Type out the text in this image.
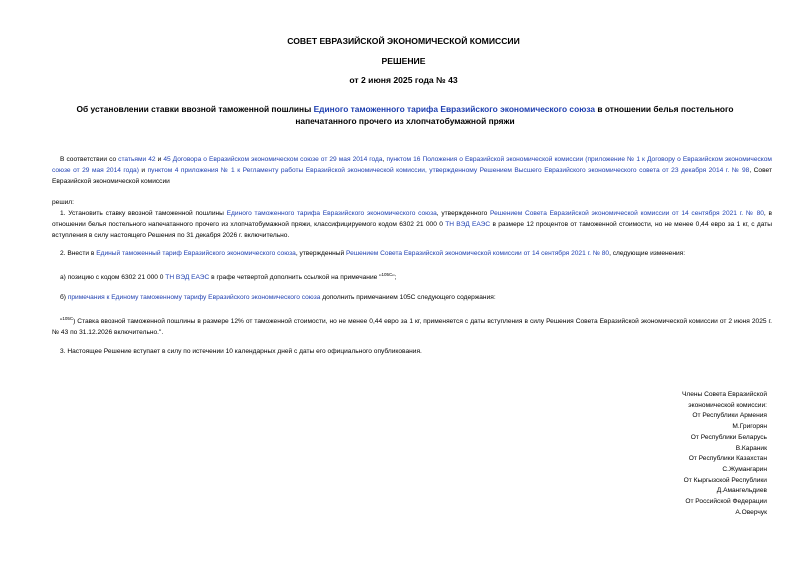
СОВЕТ ЕВРАЗИЙСКОЙ ЭКОНОМИЧЕСКОЙ КОМИССИИ
РЕШЕНИЕ
от 2 июня 2025 года № 43
Об установлении ставки ввозной таможенной пошлины Единого таможенного тарифа Евразийского экономического союза в отношении белья постельного напечатанного прочего из хлопчатобумажной пряжи
В соответствии со статьями 42 и 45 Договора о Евразийском экономическом союзе от 29 мая 2014 года, пунктом 16 Положения о Евразийской экономической комиссии (приложение № 1 к Договору о Евразийском экономическом союзе от 29 мая 2014 года) и пунктом 4 приложения № 1 к Регламенту работы Евразийской экономической комиссии, утвержденному Решением Высшего Евразийского экономического совета от 23 декабря 2014 г. № 98, Совет Евразийской экономической комиссии
решил:
1. Установить ставку ввозной таможенной пошлины Единого таможенного тарифа Евразийского экономического союза, утвержденного Решением Совета Евразийской экономической комиссии от 14 сентября 2021 г. № 80, в отношении белья постельного напечатанного прочего из хлопчатобумажной пряжи, классифицируемого кодом 6302 21 000 0 ТН ВЭД ЕАЭС в размере 12 процентов от таможенной стоимости, но не менее 0,44 евро за 1 кг, с даты вступления в силу настоящего Решения по 31 декабря 2026 г. включительно.
2. Внести в Единый таможенный тариф Евразийского экономического союза, утвержденный Решением Совета Евразийской экономической комиссии от 14 сентября 2021 г. № 80, следующие изменения:
а) позицию с кодом 6302 21 000 0 ТН ВЭД ЕАЭС в графе четвертой дополнить ссылкой на примечание "$^{105С}$";
б) примечания к Единому таможенному тарифу Евразийского экономического союза дополнить примечанием 105С следующего содержания:
"$^{105С}$) Ставка ввозной таможенной пошлины в размере 12% от таможенной стоимости, но не менее 0,44 евро за 1 кг, применяется с даты вступления в силу Решения Совета Евразийской экономической комиссии от 2 июня 2025 г. № 43 по 31.12.2026 включительно.".
3. Настоящее Решение вступает в силу по истечении 10 календарных дней с даты его официального опубликования.
Члены Совета Евразийской
экономической комиссии:
От Республики Армения
М.Григорян
От Республики Беларусь
В.Караник
От Республики Казахстан
С.Жумангарин
От Кыргызской Республики
Д.Амангельдиев
От Российской Федерации
А.Оверчук
